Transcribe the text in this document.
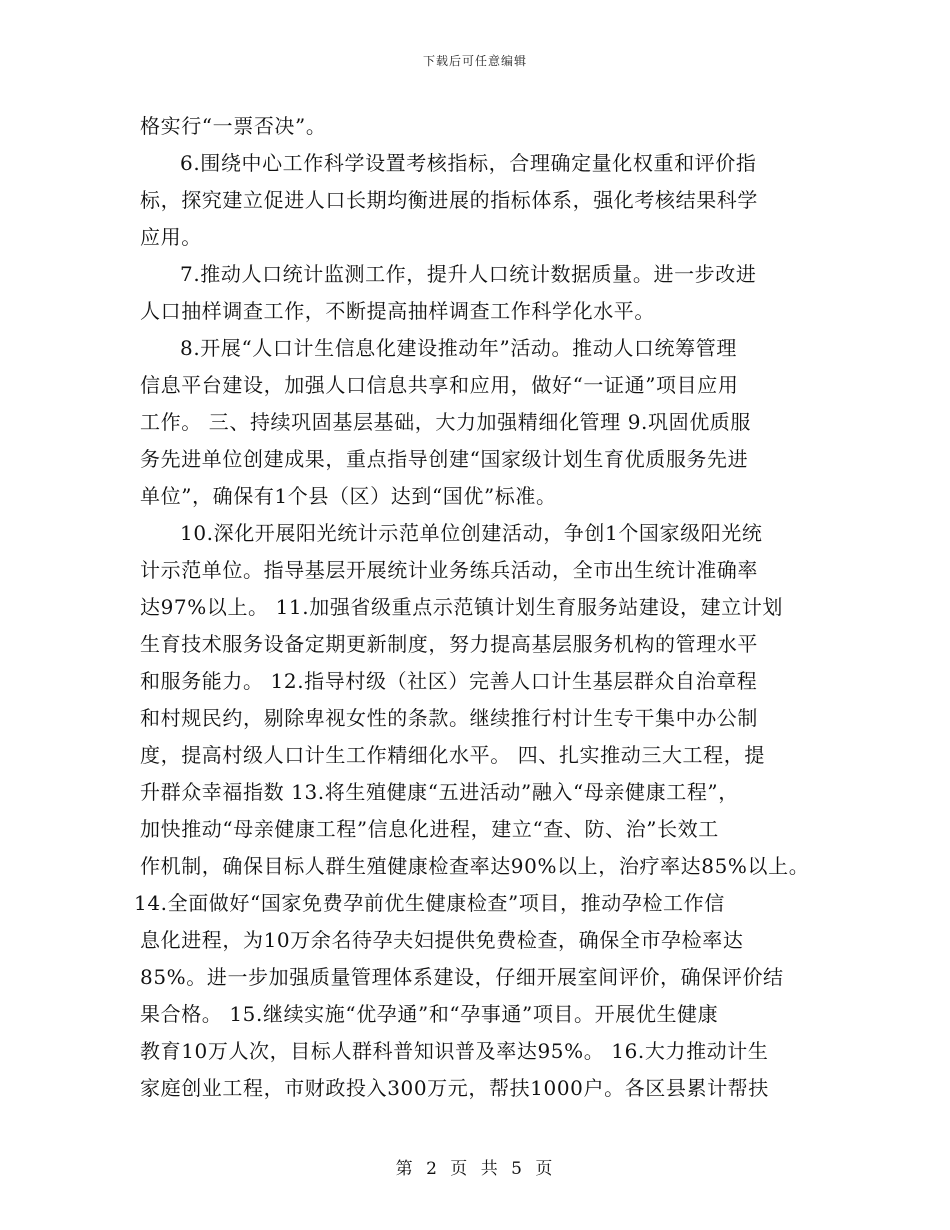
下载后可任意编辑
格实行“一票否决”。
6.围绕中心工作科学设置考核指标，合理确定量化权重和评价指
标，探究建立促进人口长期均衡进展的指标体系，强化考核结果科学
应用。
7.推动人口统计监测工作，提升人口统计数据质量。进一步改进
人口抽样调查工作，不断提高抽样调查工作科学化水平。
8.开展“人口计生信息化建设推动年”活动。推动人口统筹管理
信息平台建设，加强人口信息共享和应用，做好“一证通”项目应用
工作。 三、持续巩固基层基础，大力加强精细化管理 9.巩固优质服
务先进单位创建成果，重点指导创建“国家级计划生育优质服务先进
单位”，确保有1个县（区）达到“国优”标准。
10.深化开展阳光统计示范单位创建活动，争创1个国家级阳光统
计示范单位。指导基层开展统计业务练兵活动，全市出生统计准确率
达97%以上。 11.加强省级重点示范镇计划生育服务站建设，建立计划
生育技术服务设备定期更新制度，努力提高基层服务机构的管理水平
和服务能力。 12.指导村级（社区）完善人口计生基层群众自治章程
和村规民约，剔除卑视女性的条款。继续推行村计生专干集中办公制
度，提高村级人口计生工作精细化水平。 四、扎实推动三大工程，提
升群众幸福指数 13.将生殖健康“五进活动”融入“母亲健康工程”，
加快推动“母亲健康工程”信息化进程，建立“查、防、治”长效工
作机制，确保目标人群生殖健康检查率达90%以上，治疗率达85%以上。
14.全面做好“国家免费孕前优生健康检查”项目，推动孕检工作信
息化进程，为10万余名待孕夫妇提供免费检查，确保全市孕检率达
85%。进一步加强质量管理体系建设，仔细开展室间评价，确保评价结
果合格。 15.继续实施“优孕通”和“孕事通”项目。开展优生健康
教育10万人次，目标人群科普知识普及率达95%。 16.大力推动计生
家庭创业工程，市财政投入300万元，帮扶1000户。各区县累计帮扶
第 2 页 共 5 页
